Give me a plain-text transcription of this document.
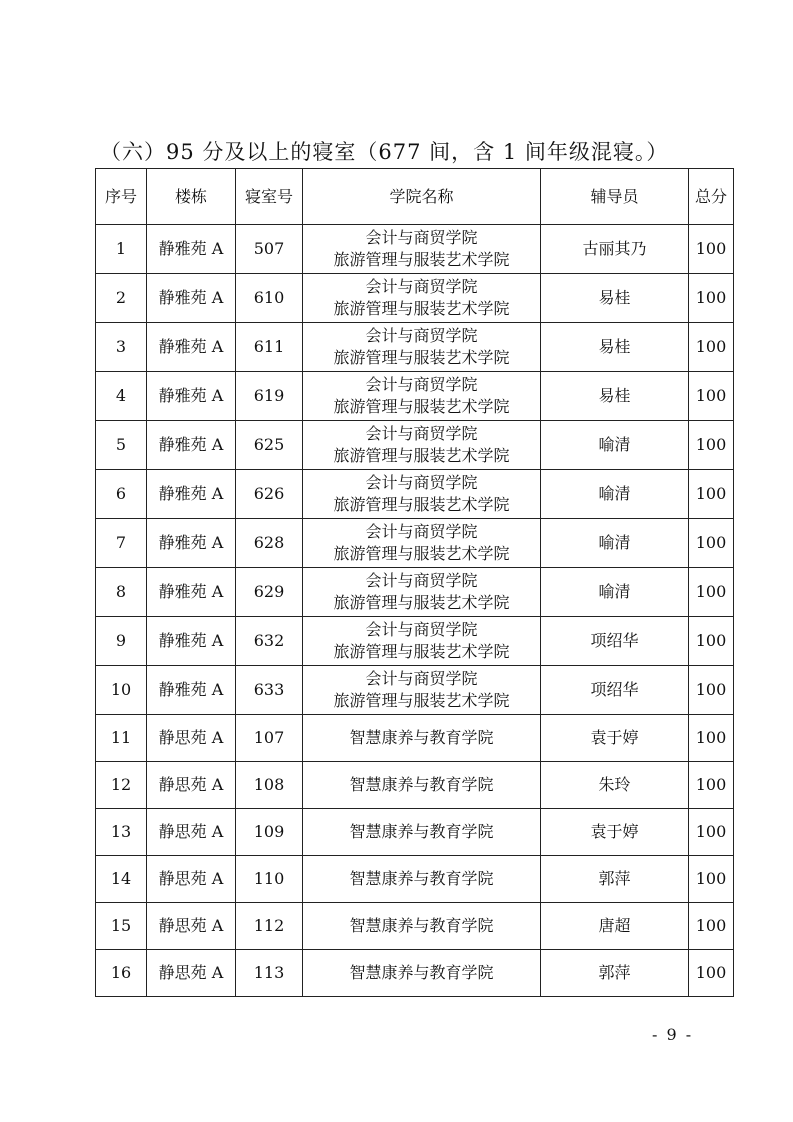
（六）95 分及以上的寝室（677 间，含 1 间年级混寝。）
序号	楼栋	寝室号	学院名称	辅导员	总分
1	静雅苑 A	507	会计与商贸学院
旅游管理与服装艺术学院	古丽其乃	100
2	静雅苑 A	610	会计与商贸学院
旅游管理与服装艺术学院	易桂	100
3	静雅苑 A	611	会计与商贸学院
旅游管理与服装艺术学院	易桂	100
4	静雅苑 A	619	会计与商贸学院
旅游管理与服装艺术学院	易桂	100
5	静雅苑 A	625	会计与商贸学院
旅游管理与服装艺术学院	喻清	100
6	静雅苑 A	626	会计与商贸学院
旅游管理与服装艺术学院	喻清	100
7	静雅苑 A	628	会计与商贸学院
旅游管理与服装艺术学院	喻清	100
8	静雅苑 A	629	会计与商贸学院
旅游管理与服装艺术学院	喻清	100
9	静雅苑 A	632	会计与商贸学院
旅游管理与服装艺术学院	项绍华	100
10	静雅苑 A	633	会计与商贸学院
旅游管理与服装艺术学院	项绍华	100
11	静思苑 A	107	智慧康养与教育学院	袁于婷	100
12	静思苑 A	108	智慧康养与教育学院	朱玲	100
13	静思苑 A	109	智慧康养与教育学院	袁于婷	100
14	静思苑 A	110	智慧康养与教育学院	郭萍	100
15	静思苑 A	112	智慧康养与教育学院	唐超	100
16	静思苑 A	113	智慧康养与教育学院	郭萍	100
- 9 -
